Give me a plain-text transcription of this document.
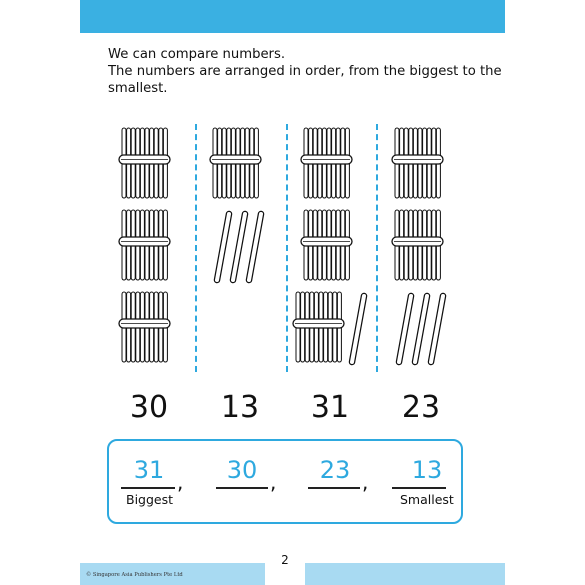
We can compare numbers.
The numbers are arranged in order, from the biggest to the
smallest.
30	13	31	23
31	30	23	13
,	,	,
Biggest	Smallest
2
© Singapore Asia Publishers Pte Ltd
